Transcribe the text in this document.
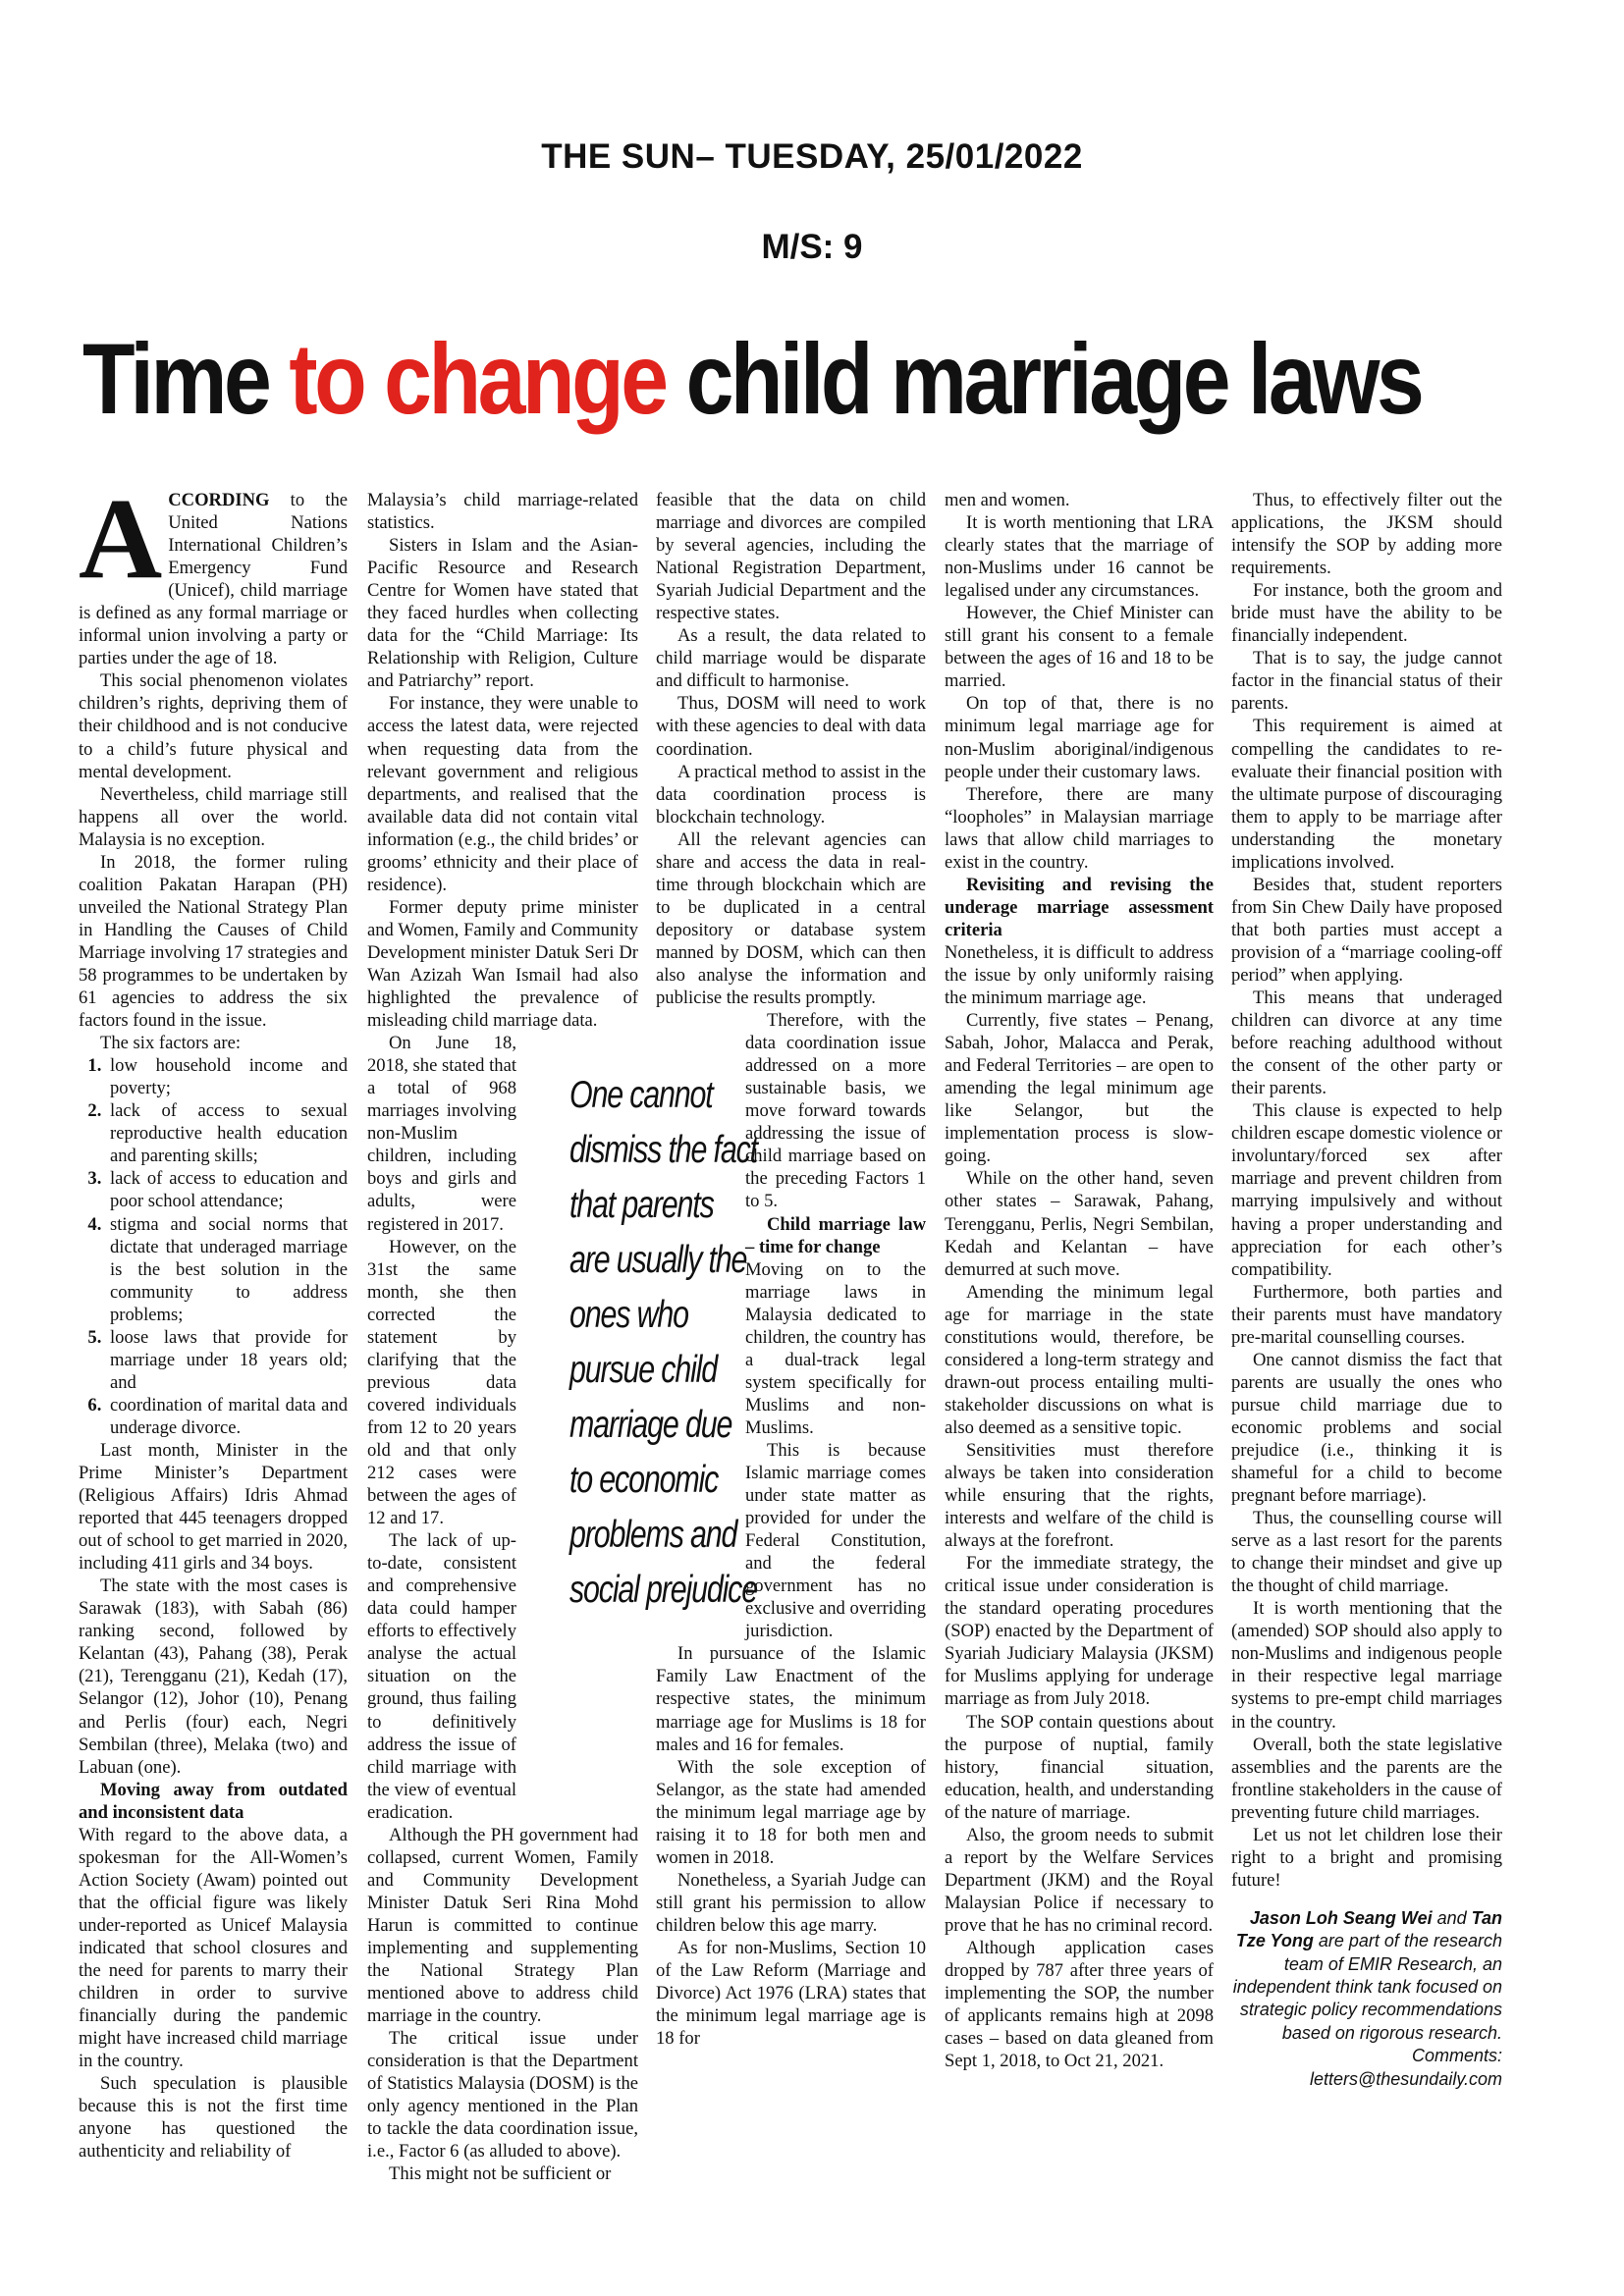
THE SUN– TUESDAY, 25/01/2022
M/S: 9
Time to change child marriage laws

ACCORDING to the United Nations International Children’s Emergency Fund (Unicef), child marriage is defined as any formal marriage or informal union involving a party or parties under the age of 18.

This social phenomenon violates children’s rights, depriving them of their childhood and is not conducive to a child’s future physical and mental development.

Nevertheless, child marriage still happens all over the world. Malaysia is no exception.

In 2018, the former ruling coalition Pakatan Harapan (PH) unveiled the National Strategy Plan in Handling the Causes of Child Marriage involving 17 strategies and 58 programmes to be undertaken by 61 agencies to address the six factors found in the issue.

The six factors are:

1. low household income and poverty;
2. lack of access to sexual reproductive health education and parenting skills;
3. lack of access to education and poor school attendance;
4. stigma and social norms that dictate that underaged marriage is the best solution in the community to address problems;
5. loose laws that provide for marriage under 18 years old; and
6. coordination of marital data and underage divorce.

Last month, Minister in the Prime Minister’s Department (Religious Affairs) Idris Ahmad reported that 445 teenagers dropped out of school to get married in 2020, including 411 girls and 34 boys.

The state with the most cases is Sarawak (183), with Sabah (86) ranking second, followed by Kelantan (43), Pahang (38), Perak (21), Terengganu (21), Kedah (17), Selangor (12), Johor (10), Penang and Perlis (four) each, Negri Sembilan (three), Melaka (two) and Labuan (one).

Moving away from outdated and inconsistent data

With regard to the above data, a spokesman for the All-Women’s Action Society (Awam) pointed out that the official figure was likely under-reported as Unicef Malaysia indicated that school closures and the need for parents to marry their children in order to survive financially during the pandemic might have increased child marriage in the country.

Such speculation is plausible because this is not the first time anyone has questioned the authenticity and reliability of

Malaysia’s child marriage-related statistics.

Sisters in Islam and the Asian-Pacific Resource and Research Centre for Women have stated that they faced hurdles when collecting data for the “Child Marriage: Its Relationship with Religion, Culture and Patriarchy” report.

For instance, they were unable to access the latest data, were rejected when requesting data from the relevant government and religious departments, and realised that the available data did not contain vital information (e.g., the child brides’ or grooms’ ethnicity and their place of residence).

Former deputy prime minister and Women, Family and Community Development minister Datuk Seri Dr Wan Azizah Wan Ismail had also highlighted the prevalence of misleading child marriage data.

On June 18, 2018, she stated that a total of 968 marriages involving non-Muslim children, including boys and girls and adults, were registered in 2017.

However, on the 31st the same month, she then corrected the statement by clarifying that the previous data covered individuals from 12 to 20 years old and that only 212 cases were between the ages of 12 and 17.

The lack of up-to-date, consistent and comprehensive data could hamper efforts to effectively analyse the actual situation on the ground, thus failing to definitively address the issue of child marriage with the view of eventual eradication.

Although the PH government had collapsed, current Women, Family and Community Development Minister Datuk Seri Rina Mohd Harun is committed to continue implementing and supplementing the National Strategy Plan mentioned above to address child marriage in the country.

The critical issue under consideration is that the Department of Statistics Malaysia (DOSM) is the only agency mentioned in the Plan to tackle the data coordination issue, i.e., Factor 6 (as alluded to above).

This might not be sufficient or

feasible that the data on child marriage and divorces are compiled by several agencies, including the National Registration Department, Syariah Judicial Department and the respective states.

As a result, the data related to child marriage would be disparate and difficult to harmonise.

Thus, DOSM will need to work with these agencies to deal with data coordination.

A practical method to assist in the data coordination process is blockchain technology.

All the relevant agencies can share and access the data in real-time through blockchain which are to be duplicated in a central depository or database system manned by DOSM, which can then also analyse the information and publicise the results promptly.

Therefore, with the data coordination issue addressed on a more sustainable basis, we move forward towards addressing the issue of child marriage based on the preceding Factors 1 to 5.

Child marriage law – time for change

Moving on to the marriage laws in Malaysia dedicated to children, the country has a dual-track legal system specifically for Muslims and non-Muslims.

This is because Islamic marriage comes under state matter as provided for under the Federal Constitution, and the federal government has no exclusive and overriding jurisdiction.

In pursuance of the Islamic Family Law Enactment of the respective states, the minimum marriage age for Muslims is 18 for males and 16 for females.

With the sole exception of Selangor, as the state had amended the minimum legal marriage age by raising it to 18 for both men and women in 2018.

Nonetheless, a Syariah Judge can still grant his permission to allow children below this age marry.

As for non-Muslims, Section 10 of the Law Reform (Marriage and Divorce) Act 1976 (LRA) states that the minimum legal marriage age is 18 for

men and women.

It is worth mentioning that LRA clearly states that the marriage of non-Muslims under 16 cannot be legalised under any circumstances.

However, the Chief Minister can still grant his consent to a female between the ages of 16 and 18 to be married.

On top of that, there is no minimum legal marriage age for non-Muslim aboriginal/indigenous people under their customary laws.

Therefore, there are many “loopholes” in Malaysian marriage laws that allow child marriages to exist in the country.

Revisiting and revising the underage marriage assessment criteria

Nonetheless, it is difficult to address the issue by only uniformly raising the minimum marriage age.

Currently, five states – Penang, Sabah, Johor, Malacca and Perak, and Federal Territories – are open to amending the legal minimum age like Selangor, but the implementation process is slow-going.

While on the other hand, seven other states – Sarawak, Pahang, Terengganu, Perlis, Negri Sembilan, Kedah and Kelantan – have demurred at such move.

Amending the minimum legal age for marriage in the state constitutions would, therefore, be considered a long-term strategy and drawn-out process entailing multi-stakeholder discussions on what is also deemed as a sensitive topic.

Sensitivities must therefore always be taken into consideration while ensuring that the rights, interests and welfare of the child is always at the forefront.

For the immediate strategy, the critical issue under consideration is the standard operating procedures (SOP) enacted by the Department of Syariah Judiciary Malaysia (JKSM) for Muslims applying for underage marriage as from July 2018.

The SOP contain questions about the purpose of nuptial, family history, financial situation, education, health, and understanding of the nature of marriage.

Also, the groom needs to submit a report by the Welfare Services Department (JKM) and the Royal Malaysian Police if necessary to prove that he has no criminal record.

Although application cases dropped by 787 after three years of implementing the SOP, the number of applicants remains high at 2098 cases – based on data gleaned from Sept 1, 2018, to Oct 21, 2021.

Thus, to effectively filter out the applications, the JKSM should intensify the SOP by adding more requirements.

For instance, both the groom and bride must have the ability to be financially independent.

That is to say, the judge cannot factor in the financial status of their parents.

This requirement is aimed at compelling the candidates to re-evaluate their financial position with the ultimate purpose of discouraging them to apply to be marriage after understanding the monetary implications involved.

Besides that, student reporters from Sin Chew Daily have proposed that both parties must accept a provision of a “marriage cooling-off period” when applying.

This means that underaged children can divorce at any time before reaching adulthood without the consent of the other party or their parents.

This clause is expected to help children escape domestic violence or involuntary/forced sex after marriage and prevent children from marrying impulsively and without having a proper understanding and appreciation for each other’s compatibility.

Furthermore, both parties and their parents must have mandatory pre-marital counselling courses.

One cannot dismiss the fact that parents are usually the ones who pursue child marriage due to economic problems and social prejudice (i.e., thinking it is shameful for a child to become pregnant before marriage).

Thus, the counselling course will serve as a last resort for the parents to change their mindset and give up the thought of child marriage.

It is worth mentioning that the (amended) SOP should also apply to non-Muslims and indigenous people in their respective legal marriage systems to pre-empt child marriages in the country.

Overall, both the state legislative assemblies and the parents are the frontline stakeholders in the cause of preventing future child marriages.

Let us not let children lose their right to a bright and promising future!

Jason Loh Seang Wei and Tan Tze Yong are part of the research team of EMIR Research, an independent think tank focused on strategic policy recommendations based on rigorous research. Comments: letters@thesundaily.com
One cannot
dismiss the fact
that parents
are usually the
ones who
pursue child
marriage due
to economic
problems and
social prejudice
